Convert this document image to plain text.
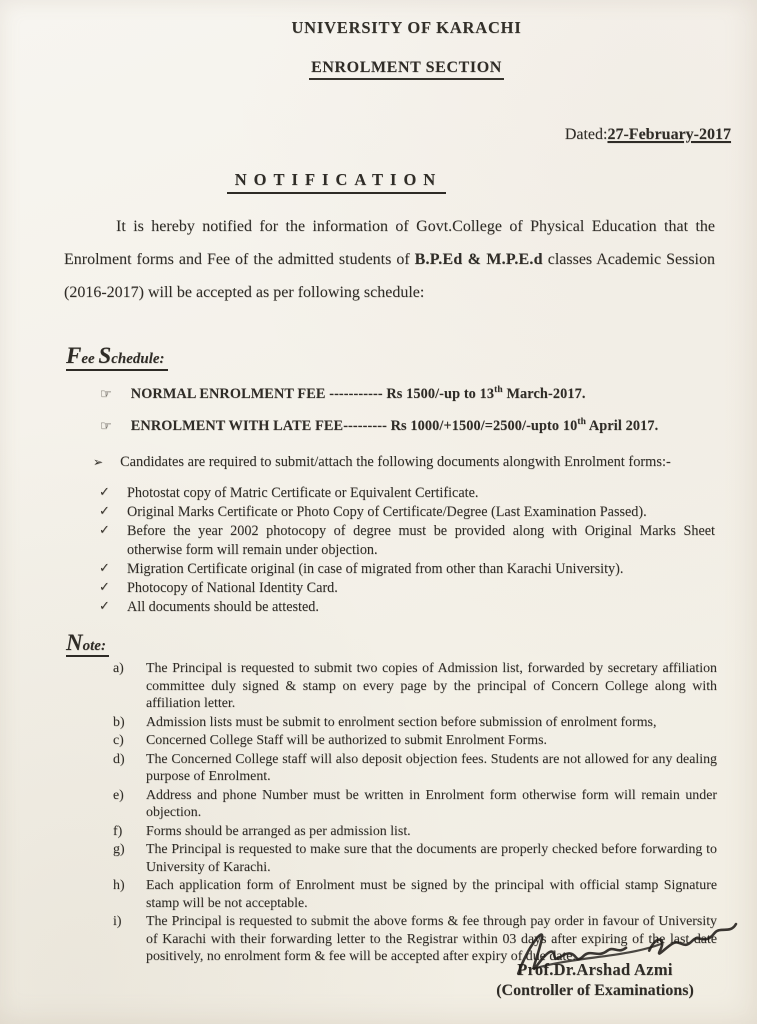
UNIVERSITY OF KARACHI

ENROLMENT SECTION
Dated:27-February-2017
NOTIFICATION

It is hereby notified for the information of Govt.College of Physical Education that the Enrolment forms and Fee of the admitted students of B.P.Ed & M.P.E.d classes Academic Session (2016-2017) will be accepted as per following schedule:

Fee Schedule:
☞ NORMAL ENROLMENT FEE ----------- Rs 1500/-up to 13th March-2017.
☞ ENROLMENT WITH LATE FEE--------- Rs 1000/+1500/=2500/-upto 10th April 2017.
➢ Candidates are required to submit/attach the following documents alongwith Enrolment forms:-
✓	Photostat copy of Matric Certificate or Equivalent Certificate.
✓	Original Marks Certificate or Photo Copy of Certificate/Degree (Last Examination Passed).
✓	Before the year 2002 photocopy of degree must be provided along with Original Marks Sheet otherwise form will remain under objection.
✓	Migration Certificate original (in case of migrated from other than Karachi University).
✓	Photocopy of National Identity Card.
✓	All documents should be attested.
Note:
a)	The Principal is requested to submit two copies of Admission list, forwarded by secretary affiliation committee duly signed & stamp on every page by the principal of Concern College along with affiliation letter.
b)	Admission lists must be submit to enrolment section before submission of enrolment forms,
c)	Concerned College Staff will be authorized to submit Enrolment Forms.
d)	The Concerned College staff will also deposit objection fees. Students are not allowed for any dealing purpose of Enrolment.
e)	Address and phone Number must be written in Enrolment form otherwise form will remain under objection.
f)	Forms should be arranged as per admission list.
g)	The Principal is requested to make sure that the documents are properly checked before forwarding to University of Karachi.
h)	Each application form of Enrolment must be signed by the principal with official stamp Signature stamp will be not acceptable.
i)	The Principal is requested to submit the above forms & fee through pay order in favour of University of Karachi with their forwarding letter to the Registrar within 03 days after expiring of the last date positively, no enrolment form & fee will be accepted after expiry of due date.
Prof.Dr.Arshad Azmi
(Controller of Examinations)
